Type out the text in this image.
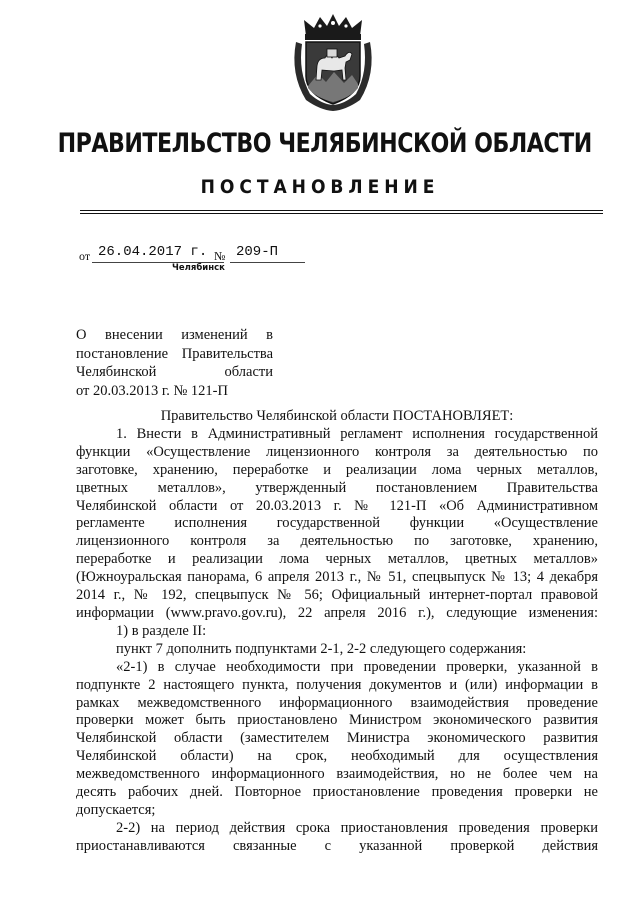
ПРАВИТЕЛЬСТВО ЧЕЛЯБИНСКОЙ ОБЛАСТИ
ПОСТАНОВЛЕНИЕ
от 26.04.2017 г. № 209-П
Челябинск
О внесении изменений в
постановление Правительства
Челябинской области
от 20.03.2013 г. № 121-П
Правительство Челябинской области ПОСТАНОВЛЯЕТ:
1. Внести в Административный регламент исполнения государственной
функции «Осуществление лицензионного контроля за деятельностью по
заготовке, хранению, переработке и реализации лома черных металлов,
цветных металлов», утвержденный постановлением Правительства
Челябинской области от 20.03.2013 г. № 121-П «Об Административном
регламенте исполнения государственной функции «Осуществление
лицензионного контроля за деятельностью по заготовке, хранению,
переработке и реализации лома черных металлов, цветных металлов»
(Южноуральская панорама, 6 апреля 2013 г., № 51, спецвыпуск № 13; 4 декабря
2014 г., № 192, спецвыпуск № 56; Официальный интернет-портал правовой
информации (www.pravo.gov.ru), 22 апреля 2016 г.), следующие изменения:
1) в разделе II:
пункт 7 дополнить подпунктами 2-1, 2-2 следующего содержания:
«2-1) в случае необходимости при проведении проверки, указанной в
подпункте 2 настоящего пункта, получения документов и (или) информации в
рамках межведомственного информационного взаимодействия проведение
проверки может быть приостановлено Министром экономического развития
Челябинской области (заместителем Министра экономического развития
Челябинской области) на срок, необходимый для осуществления
межведомственного информационного взаимодействия, но не более чем на
десять рабочих дней. Повторное приостановление проведения проверки не
допускается;
2-2) на период действия срока приостановления проведения проверки
приостанавливаются связанные с указанной проверкой действия
